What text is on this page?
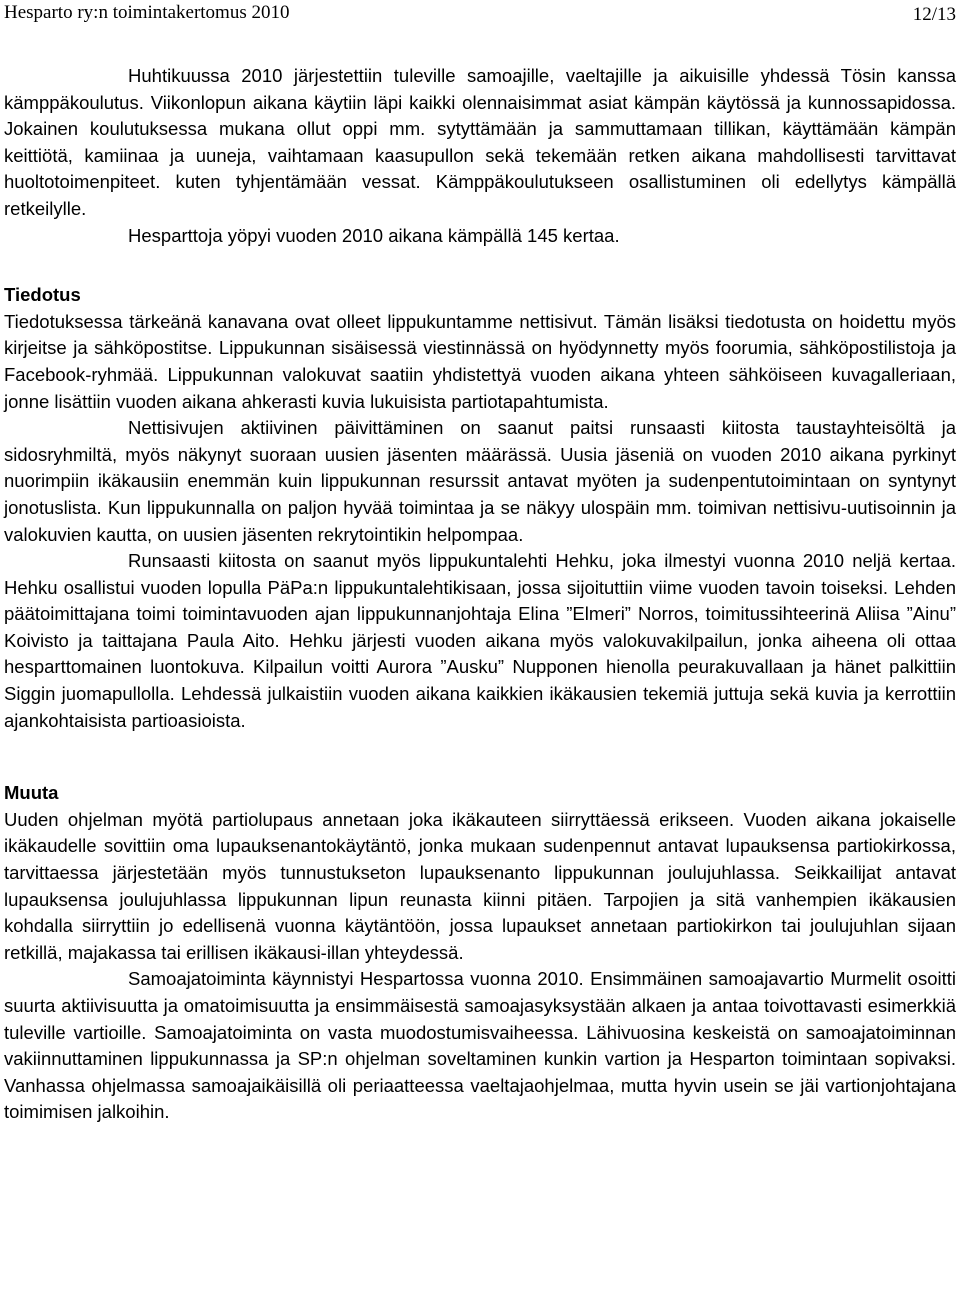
Hesparto ry:n toimintakertomus 2010	12/13

Huhtikuussa 2010 järjestettiin tuleville samoajille, vaeltajille ja aikuisille yhdessä Tösin kanssa kämppäkoulutus. Viikonlopun aikana käytiin läpi kaikki olennaisimmat asiat kämpän käytössä ja kunnossapidossa. Jokainen koulutuksessa mukana ollut oppi mm. sytyttämään ja sammuttamaan tillikan, käyttämään kämpän keittiötä, kamiinaa ja uuneja, vaihtamaan kaasupullon sekä tekemään retken aikana mahdollisesti tarvittavat huoltotoimenpiteet. kuten tyhjentämään vessat. Kämppäkoulutukseen osallistuminen oli edellytys kämpällä retkeilylle.

Hesparttoja yöpyi vuoden 2010 aikana kämpällä 145 kertaa.

Tiedotus

Tiedotuksessa tärkeänä kanavana ovat olleet lippukuntamme nettisivut. Tämän lisäksi tiedotusta on hoidettu myös kirjeitse ja sähköpostitse. Lippukunnan sisäisessä viestinnässä on hyödynnetty myös foorumia, sähköpostilistoja ja Facebook-ryhmää. Lippukunnan valokuvat saatiin yhdistettyä vuoden aikana yhteen sähköiseen kuvagalleriaan, jonne lisättiin vuoden aikana ahkerasti kuvia lukuisista partiotapahtumista.

Nettisivujen aktiivinen päivittäminen on saanut paitsi runsaasti kiitosta taustayhteisöltä ja sidosryhmiltä, myös näkynyt suoraan uusien jäsenten määrässä. Uusia jäseniä on vuoden 2010 aikana pyrkinyt nuorimpiin ikäkausiin enemmän kuin lippukunnan resurssit antavat myöten ja sudenpentutoimintaan on syntynyt jonotuslista. Kun lippukunnalla on paljon hyvää toimintaa ja se näkyy ulospäin mm. toimivan nettisivu-uutisoinnin ja valokuvien kautta, on uusien jäsenten rekrytointikin helpompaa.

Runsaasti kiitosta on saanut myös lippukuntalehti Hehku, joka ilmestyi vuonna 2010 neljä kertaa. Hehku osallistui vuoden lopulla PäPa:n lippukuntalehtikisaan, jossa sijoituttiin viime vuoden tavoin toiseksi. Lehden päätoimittajana toimi toimintavuoden ajan lippukunnanjohtaja Elina ”Elmeri” Norros, toimitussihteerinä Aliisa ”Ainu” Koivisto ja taittajana Paula Aito. Hehku järjesti vuoden aikana myös valokuvakilpailun, jonka aiheena oli ottaa hesparttomainen luontokuva. Kilpailun voitti Aurora ”Ausku” Nupponen hienolla peurakuvallaan ja hänet palkittiin Siggin juomapullolla. Lehdessä julkaistiin vuoden aikana kaikkien ikäkausien tekemiä juttuja sekä kuvia ja kerrottiin ajankohtaisista partioasioista.

Muuta

Uuden ohjelman myötä partiolupaus annetaan joka ikäkauteen siirryttäessä erikseen. Vuoden aikana jokaiselle ikäkaudelle sovittiin oma lupauksenantokäytäntö, jonka mukaan sudenpennut antavat lupauksensa partiokirkossa, tarvittaessa järjestetään myös tunnustukseton lupauksenanto lippukunnan joulujuhlassa. Seikkailijat antavat lupauksensa joulujuhlassa lippukunnan lipun reunasta kiinni pitäen. Tarpojien ja sitä vanhempien ikäkausien kohdalla siirryttiin jo edellisenä vuonna käytäntöön, jossa lupaukset annetaan partiokirkon tai joulujuhlan sijaan retkillä, majakassa tai erillisen ikäkausi-illan yhteydessä.

Samoajatoiminta käynnistyi Hespartossa vuonna 2010. Ensimmäinen samoajavartio Murmelit osoitti suurta aktiivisuutta ja omatoimisuutta ja ensimmäisestä samoajasyksystään alkaen ja antaa toivottavasti esimerkkiä tuleville vartioille. Samoajatoiminta on vasta muodostumisvaiheessa. Lähivuosina keskeistä on samoajatoiminnan vakiinnuttaminen lippukunnassa ja SP:n ohjelman soveltaminen kunkin vartion ja Hesparton toimintaan sopivaksi. Vanhassa ohjelmassa samoajaikäisillä oli periaatteessa vaeltajaohjelmaa, mutta hyvin usein se jäi vartionjohtajana toimimisen jalkoihin.
